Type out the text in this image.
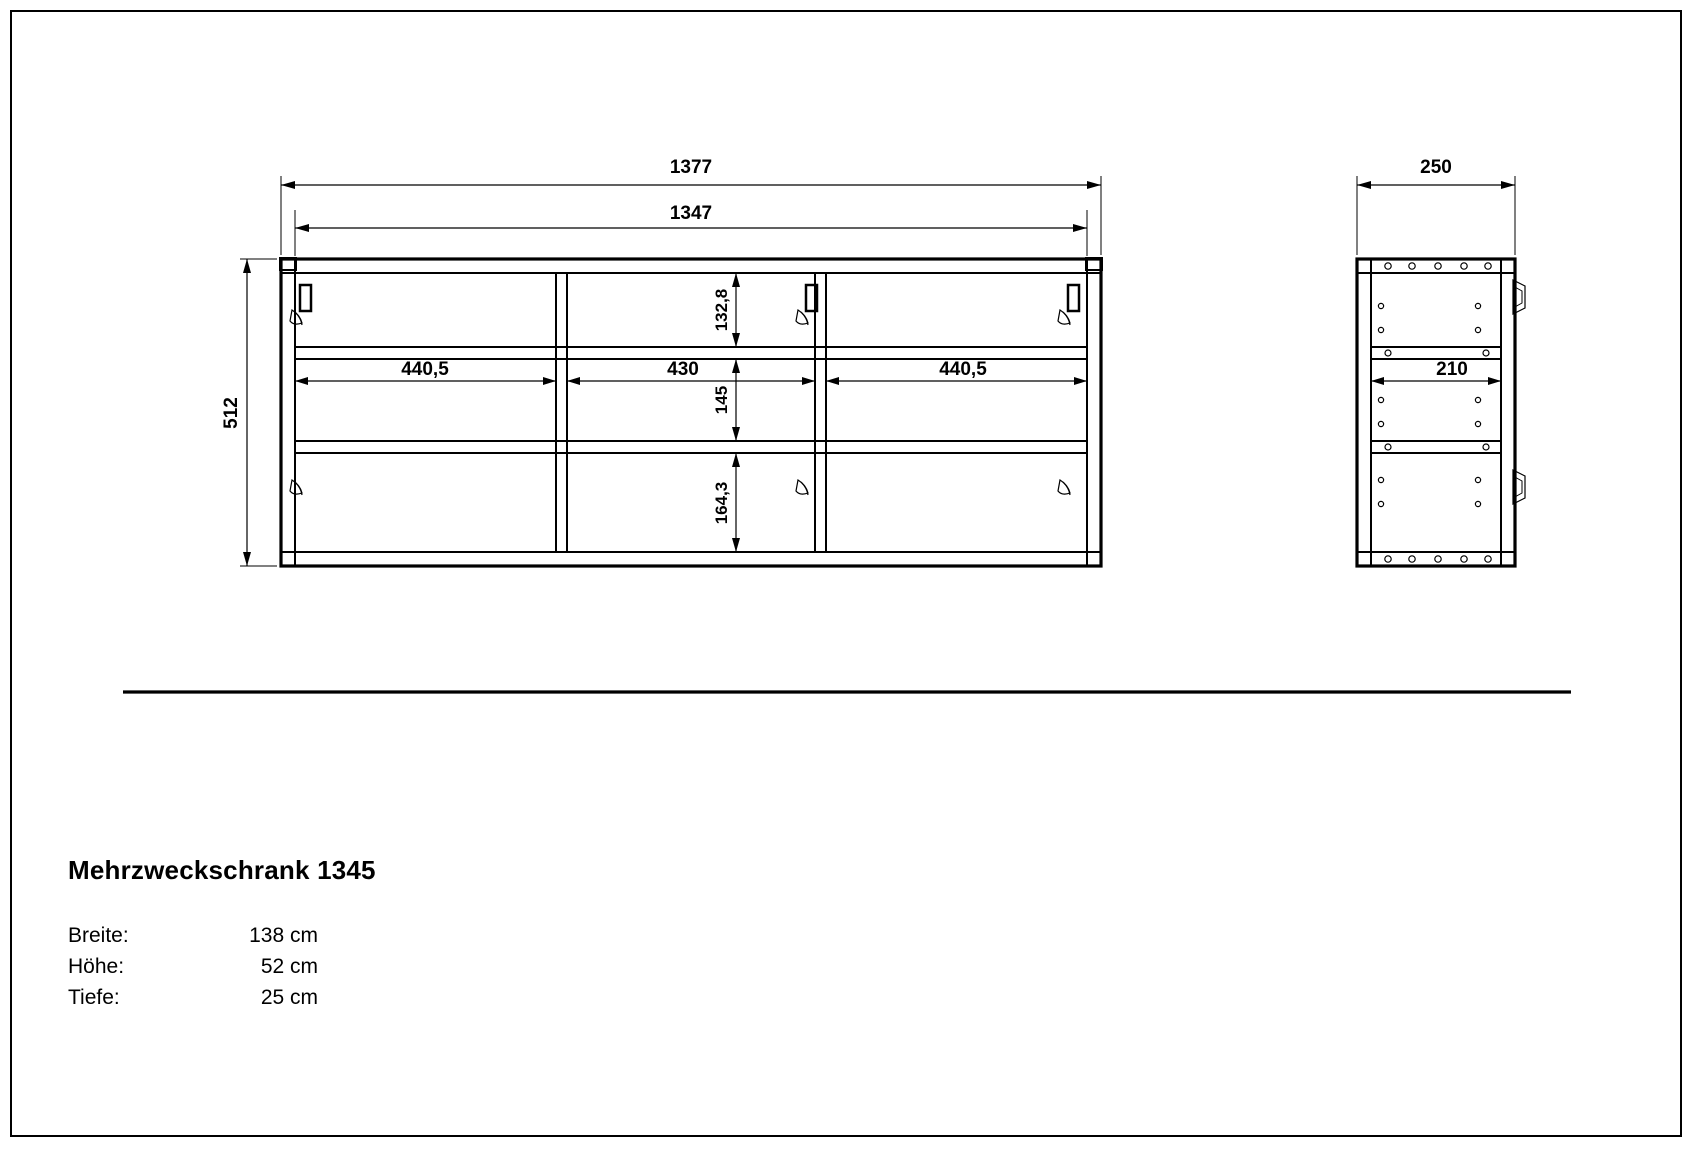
1377
1347
512
440,5	430	440,5
132,8
145
164,3
250
210
Mehrzweckschrank 1345
Breite:	138 cm
Höhe:	52 cm
Tiefe:	25 cm
